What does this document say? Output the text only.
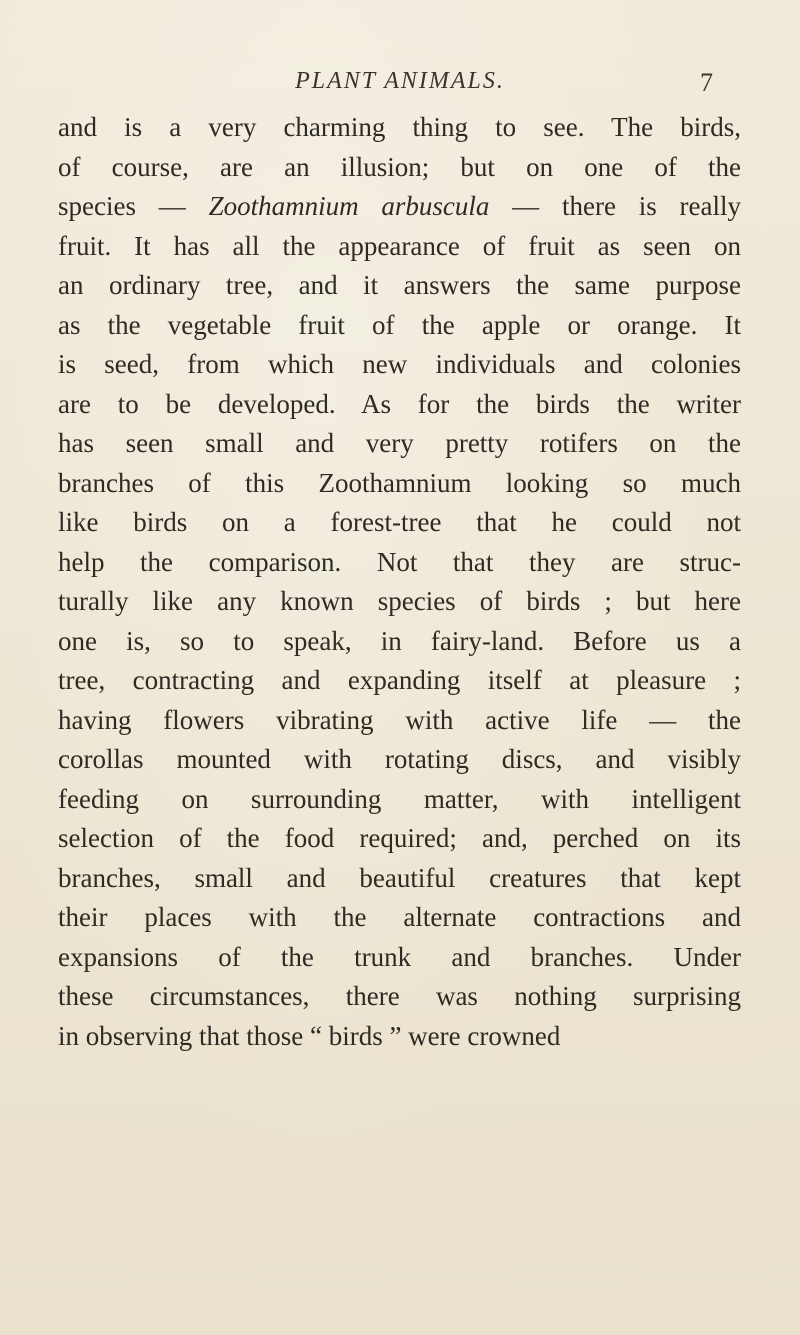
PLANT ANIMALS.	7
and is a very charming thing to see. The birds,
of course, are an illusion; but on one of the
species — Zoothamnium arbuscula — there is really
fruit. It has all the appearance of fruit as seen on
an ordinary tree, and it answers the same purpose
as the vegetable fruit of the apple or orange. It
is seed, from which new individuals and colonies
are to be developed. As for the birds the writer
has seen small and very pretty rotifers on the
branches of this Zoothamnium looking so much
like birds on a forest-tree that he could not
help the comparison. Not that they are struc-
turally like any known species of birds ; but here
one is, so to speak, in fairy-land. Before us a
tree, contracting and expanding itself at pleasure ;
having flowers vibrating with active life — the
corollas mounted with rotating discs, and visibly
feeding on surrounding matter, with intelligent
selection of the food required; and, perched on its
branches, small and beautiful creatures that kept
their places with the alternate contractions and
expansions of the trunk and branches. Under
these circumstances, there was nothing surprising
in observing that those “ birds ” were crowned
